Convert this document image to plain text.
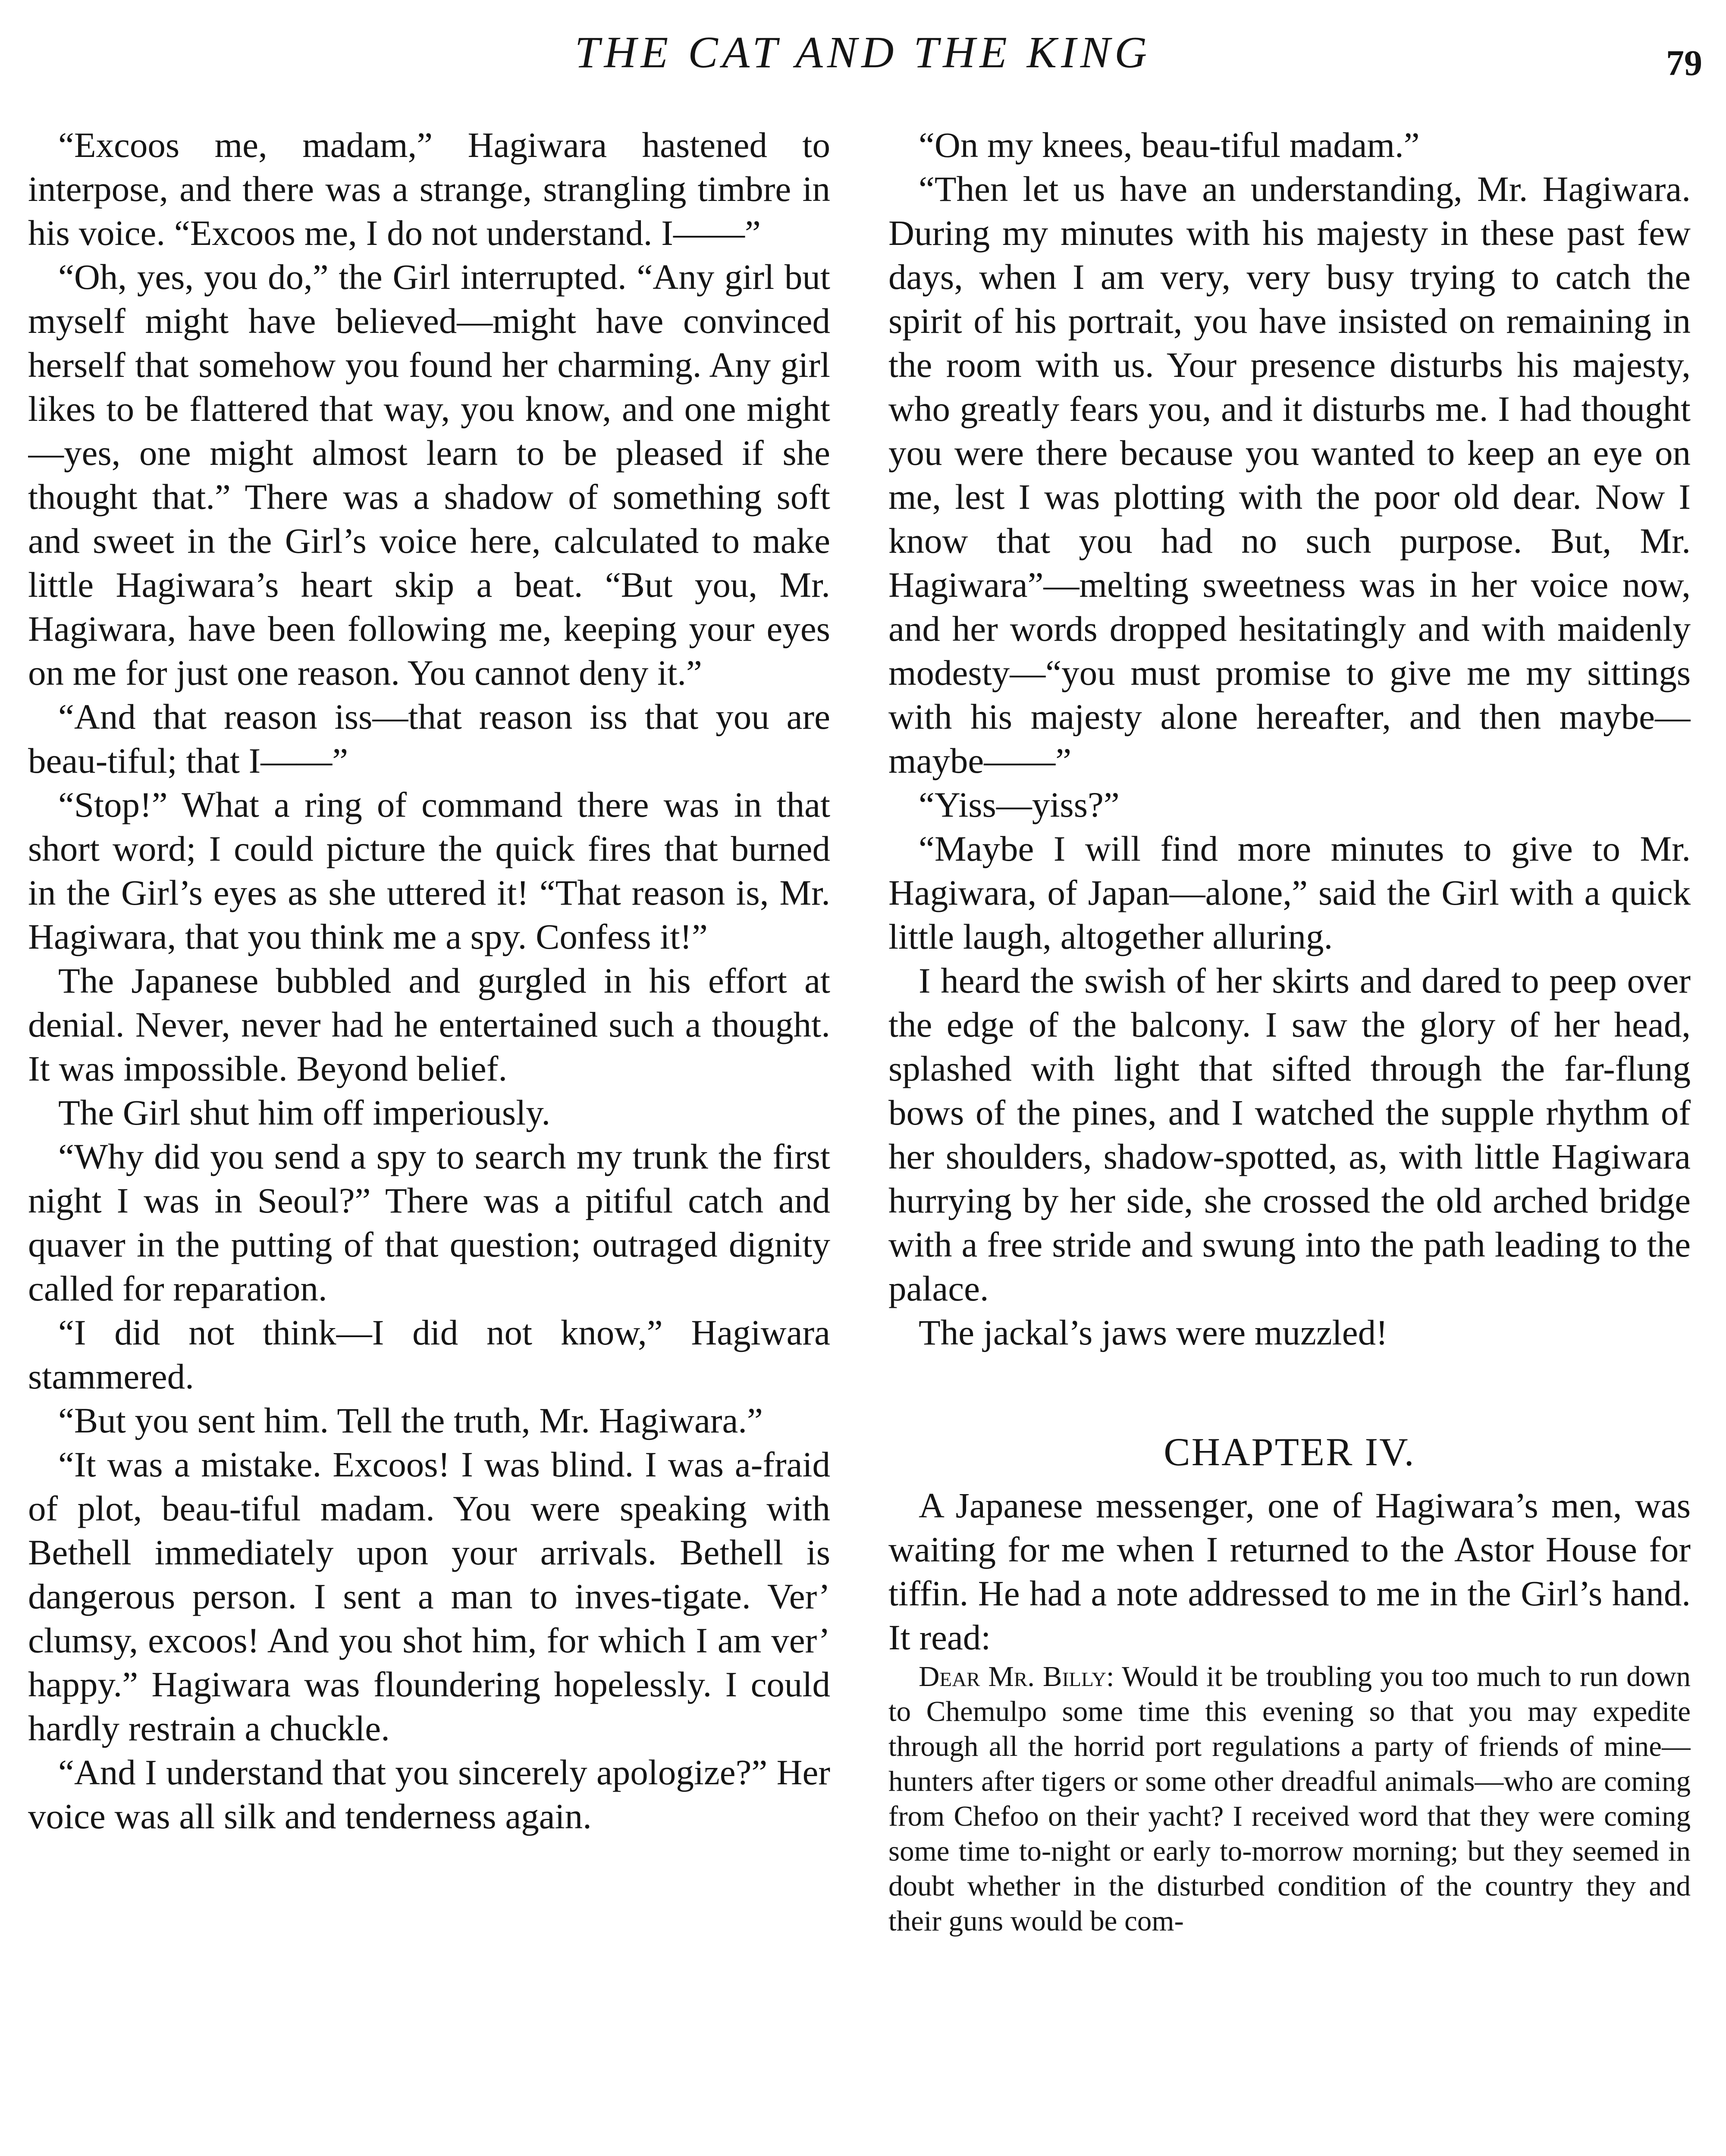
THE CAT AND THE KING	79

“Excoos me, madam,” Hagiwara hastened to interpose, and there was a strange, strangling timbre in his voice. “Excoos me, I do not understand. I——”

“Oh, yes, you do,” the Girl interrupted. “Any girl but myself might have believed—might have convinced herself that somehow you found her charming. Any girl likes to be flattered that way, you know, and one might—yes, one might almost learn to be pleased if she thought that.” There was a shadow of something soft and sweet in the Girl’s voice here, calculated to make little Hagiwara’s heart skip a beat. “But you, Mr. Hagiwara, have been following me, keeping your eyes on me for just one reason. You cannot deny it.”

“And that reason iss—that reason iss that you are beau-tiful; that I——”

“Stop!” What a ring of command there was in that short word; I could picture the quick fires that burned in the Girl’s eyes as she uttered it! “That reason is, Mr. Hagiwara, that you think me a spy. Confess it!”

The Japanese bubbled and gurgled in his effort at denial. Never, never had he entertained such a thought. It was impossible. Beyond belief.

The Girl shut him off imperiously.

“Why did you send a spy to search my trunk the first night I was in Seoul?” There was a pitiful catch and quaver in the putting of that question; outraged dignity called for reparation.

“I did not think—I did not know,” Hagiwara stammered.

“But you sent him. Tell the truth, Mr. Hagiwara.”

“It was a mistake. Excoos! I was blind. I was a-fraid of plot, beau-tiful madam. You were speaking with Bethell immediately upon your arrivals. Bethell is dangerous person. I sent a man to inves-tigate. Ver’ clumsy, excoos! And you shot him, for which I am ver’ happy.” Hagiwara was floundering hopelessly. I could hardly restrain a chuckle.

“And I understand that you sincerely apologize?” Her voice was all silk and tenderness again.

“On my knees, beau-tiful madam.”

“Then let us have an understanding, Mr. Hagiwara. During my minutes with his majesty in these past few days, when I am very, very busy trying to catch the spirit of his portrait, you have insisted on remaining in the room with us. Your presence disturbs his majesty, who greatly fears you, and it disturbs me. I had thought you were there because you wanted to keep an eye on me, lest I was plotting with the poor old dear. Now I know that you had no such purpose. But, Mr. Hagiwara”—melting sweetness was in her voice now, and her words dropped hesitatingly and with maidenly modesty—“you must promise to give me my sittings with his majesty alone hereafter, and then maybe—maybe——”

“Yiss—yiss?”

“Maybe I will find more minutes to give to Mr. Hagiwara, of Japan—alone,” said the Girl with a quick little laugh, altogether alluring.

I heard the swish of her skirts and dared to peep over the edge of the balcony. I saw the glory of her head, splashed with light that sifted through the far-flung bows of the pines, and I watched the supple rhythm of her shoulders, shadow-spotted, as, with little Hagiwara hurrying by her side, she crossed the old arched bridge with a free stride and swung into the path leading to the palace.

The jackal’s jaws were muzzled!

CHAPTER IV.

A Japanese messenger, one of Hagiwara’s men, was waiting for me when I returned to the Astor House for tiffin. He had a note addressed to me in the Girl’s hand. It read:

Dear Mr. Billy: Would it be troubling you too much to run down to Chemulpo some time this evening so that you may expedite through all the horrid port regulations a party of friends of mine—hunters after tigers or some other dreadful animals—who are coming from Chefoo on their yacht? I received word that they were coming some time to-night or early to-morrow morning; but they seemed in doubt whether in the disturbed condition of the country they and their guns would be com-
